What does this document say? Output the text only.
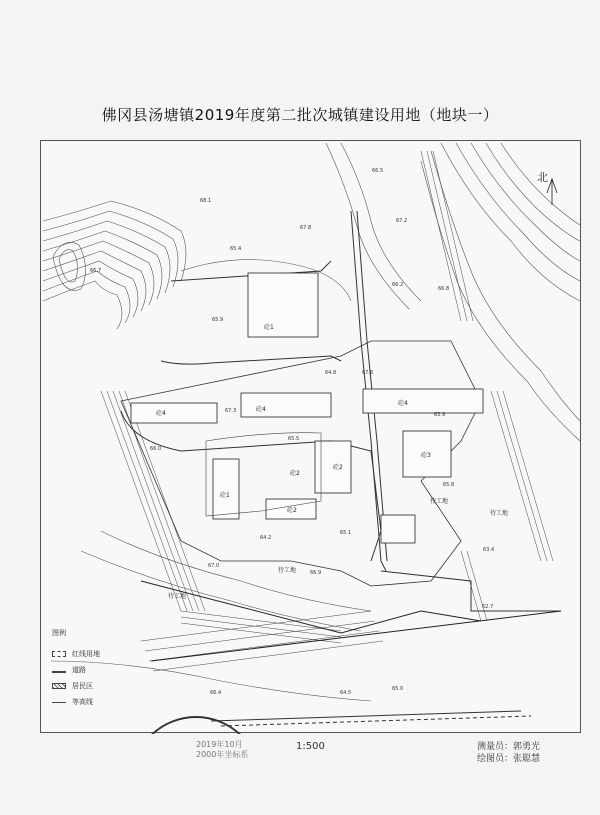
佛冈县汤塘镇2019年度第二批次城镇建设用地（地块一）
北
砼4
砼4
砼4
砼2
砼2
砼2
砼3
砼1
砼1
待工地
待工地
待工地
待工地
66.5
67.2
68.1
66.7
65.4
67.8
66.2
65.9
64.8
66.0
67.3
65.5
63.9
66.8
67.6
65.1
64.2
66.9
67.0
65.8
63.4
62.7
66.4	64.5
65.0
图例
红线用地
道路
居民区
等高线
2019年10月
2000年坐标系
1:500	测量员：郭勇光
绘图员：张聪慧
